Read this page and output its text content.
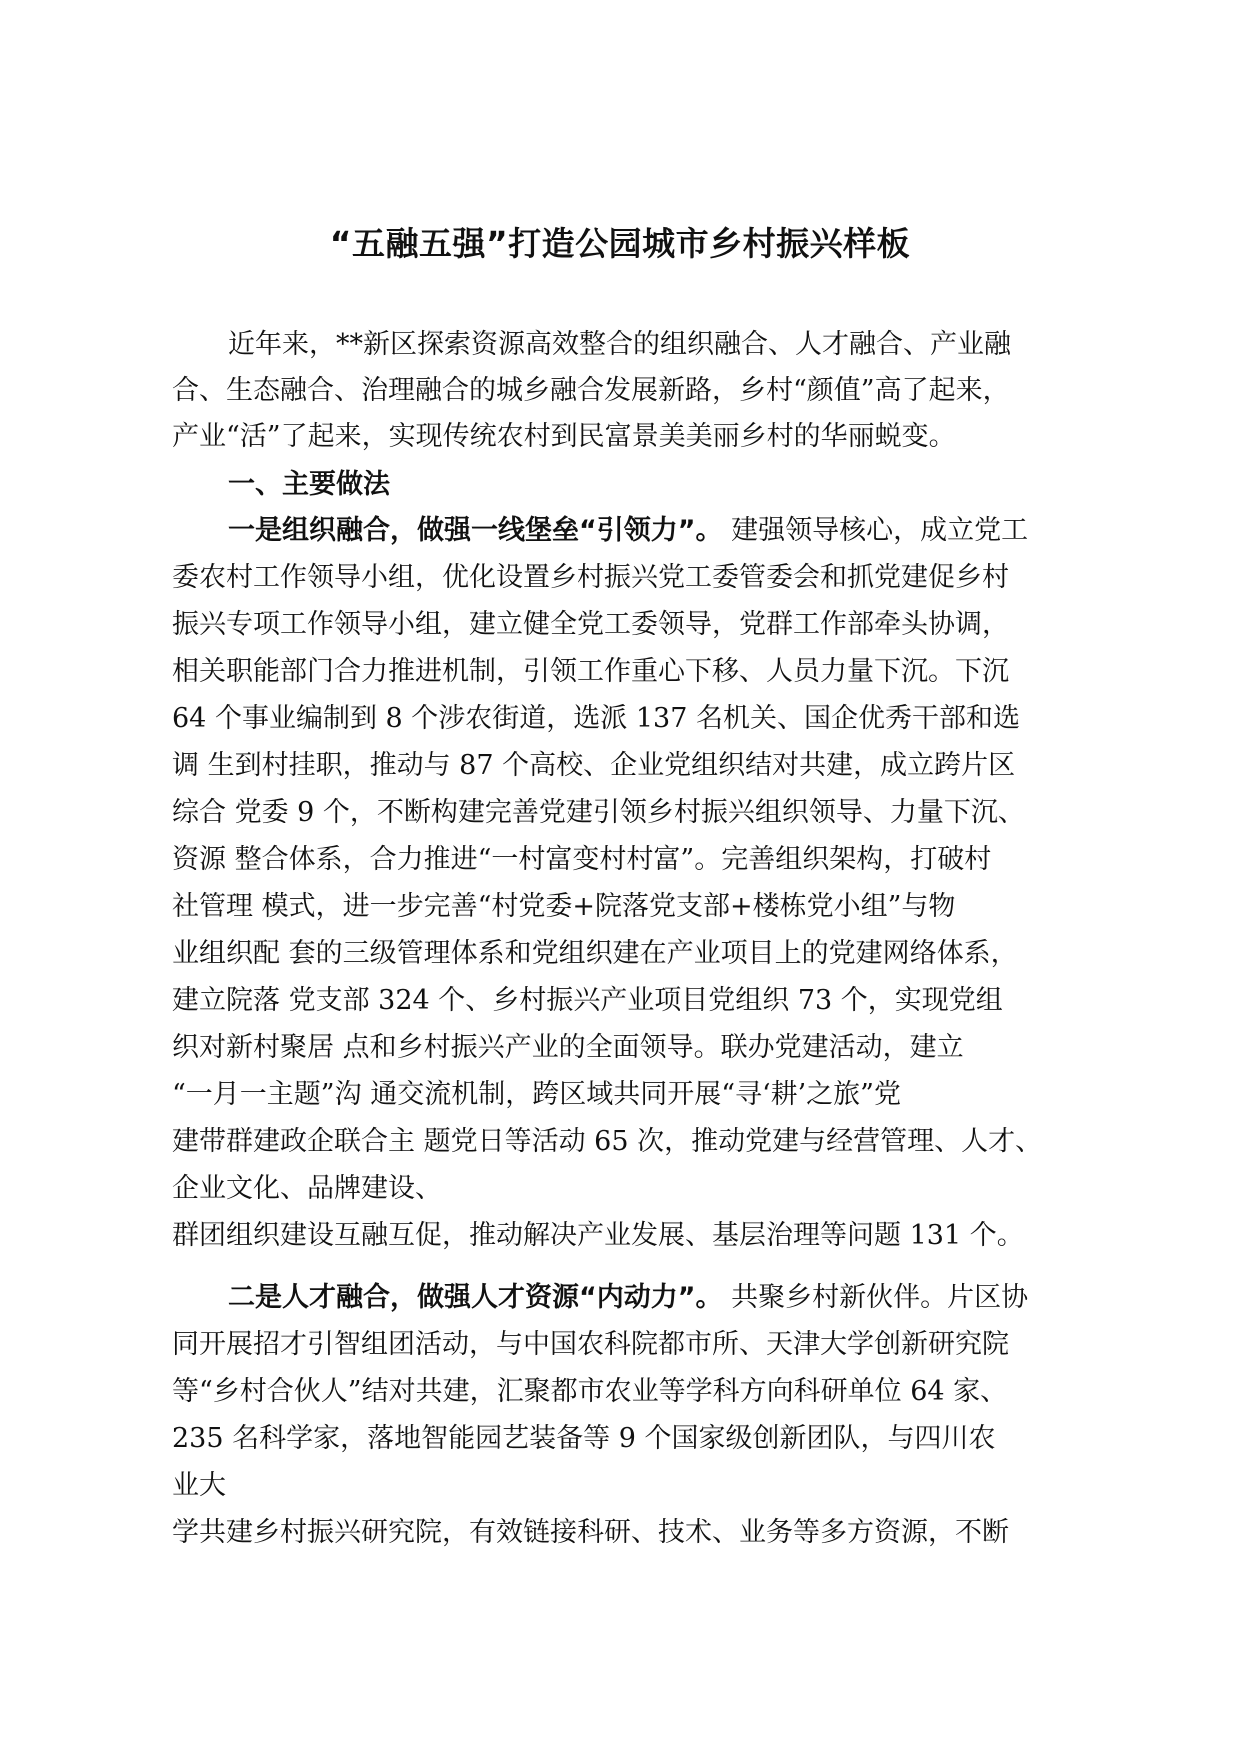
“五融五强”打造公园城市乡村振兴样板

近年来，**新区探索资源高效整合的组织融合、人才融合、产业融

合、生态融合、治理融合的城乡融合发展新路，乡村“颜值”高了起来，

产业“活”了起来，实现传统农村到民富景美美丽乡村的华丽蜕变。

一、主要做法

一是组织融合，做强一线堡垒“引领力”。 建强领导核心，成立党工

委农村工作领导小组，优化设置乡村振兴党工委管委会和抓党建促乡村

振兴专项工作领导小组，建立健全党工委领导，党群工作部牵头协调，

相关职能部门合力推进机制，引领工作重心下移、人员力量下沉。下沉

64 个事业编制到 8 个涉农街道，选派 137 名机关、国企优秀干部和选

调 生到村挂职，推动与 87 个高校、企业党组织结对共建，成立跨片区

综合 党委 9 个，不断构建完善党建引领乡村振兴组织领导、力量下沉、

资源 整合体系，合力推进“一村富变村村富”。完善组织架构，打破村

社管理 模式，进一步完善“村党委+院落党支部+楼栋党小组”与物

业组织配 套的三级管理体系和党组织建在产业项目上的党建网络体系，

建立院落 党支部 324 个、乡村振兴产业项目党组织 73 个，实现党组

织对新村聚居 点和乡村振兴产业的全面领导。联办党建活动，建立

“一月一主题”沟 通交流机制，跨区域共同开展“寻‘耕’之旅”党

建带群建政企联合主 题党日等活动 65 次，推动党建与经营管理、人才、

企业文化、品牌建设、

群团组织建设互融互促，推动解决产业发展、基层治理等问题 131 个。

二是人才融合，做强人才资源“内动力”。 共聚乡村新伙伴。片区协

同开展招才引智组团活动，与中国农科院都市所、天津大学创新研究院

等“乡村合伙人”结对共建，汇聚都市农业等学科方向科研单位 64 家、

235 名科学家，落地智能园艺装备等 9 个国家级创新团队，与四川农

业大

学共建乡村振兴研究院，有效链接科研、技术、业务等多方资源，不断
